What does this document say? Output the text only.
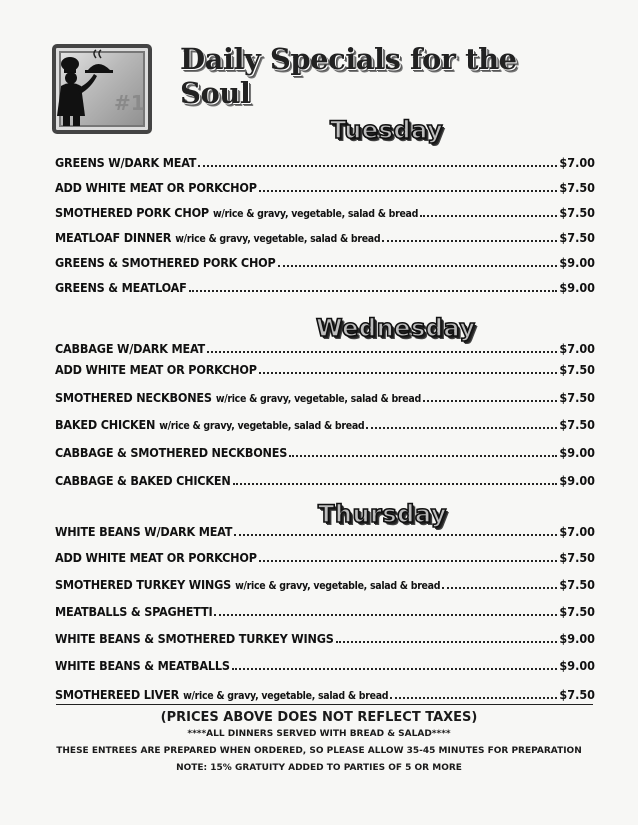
#1
Daily Specials for the Soul
Tuesday
Wednesday
Thursday
GREENS W/DARK MEAT	$7.00
ADD WHITE MEAT OR PORKCHOP	$7.50
SMOTHERED PORK CHOP w/rice & gravy, vegetable, salad & bread	$7.50
MEATLOAF DINNER w/rice & gravy, vegetable, salad & bread	$7.50
GREENS & SMOTHERED PORK CHOP	$9.00
GREENS & MEATLOAF	$9.00
CABBAGE W/DARK MEAT	$7.00
ADD WHITE MEAT OR PORKCHOP	$7.50
SMOTHERED NECKBONES w/rice & gravy, vegetable, salad & bread	$7.50
BAKED CHICKEN w/rice & gravy, vegetable, salad & bread	$7.50
CABBAGE & SMOTHERED NECKBONES	$9.00
CABBAGE & BAKED CHICKEN	$9.00
WHITE BEANS W/DARK MEAT	$7.00
ADD WHITE MEAT OR PORKCHOP	$7.50
SMOTHERED TURKEY WINGS w/rice & gravy, vegetable, salad & bread	$7.50
MEATBALLS & SPAGHETTI	$7.50
WHITE BEANS & SMOTHERED TURKEY WINGS	$9.00
WHITE BEANS & MEATBALLS	$9.00
SMOTHEREED LIVER w/rice & gravy, vegetable, salad & bread	$7.50
(PRICES ABOVE DOES NOT REFLECT TAXES)
****ALL DINNERS SERVED WITH BREAD & SALAD****
THESE ENTREES ARE PREPARED WHEN ORDERED, SO PLEASE ALLOW 35-45 MINUTES FOR PREPARATION
NOTE: 15% GRATUITY ADDED TO PARTIES OF 5 OR MORE
